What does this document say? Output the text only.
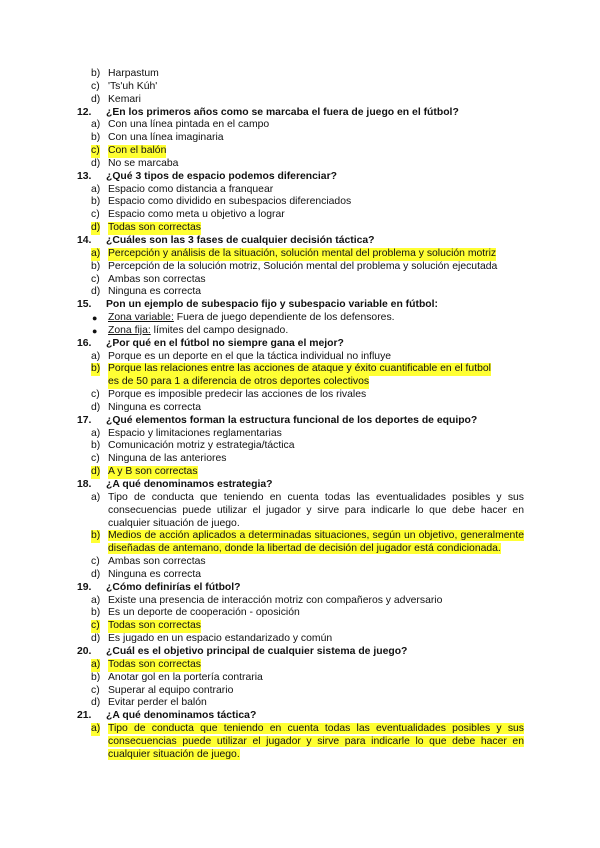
b) Harpastum
c) 'Ts'uh Kúh'
d) Kemari
12. ¿En los primeros años como se marcaba el fuera de juego en el fútbol?
a) Con una línea pintada en el campo
b) Con una línea imaginaria
c) Con el balón
d) No se marcaba
13. ¿Qué 3 tipos de espacio podemos diferenciar?
a) Espacio como distancia a franquear
b) Espacio como dividido en subespacios diferenciados
c) Espacio como meta u objetivo a lograr
d) Todas son correctas
14. ¿Cuáles son las 3 fases de cualquier decisión táctica?
a) Percepción y análisis de la situación, solución mental del problema y solución motriz
b) Percepción de la solución motriz, Solución mental del problema y solución ejecutada
c) Ambas son correctas
d) Ninguna es correcta
15. Pon un ejemplo de subespacio fijo y subespacio variable en fútbol:
● Zona variable: Fuera de juego dependiente de los defensores.
● Zona fija: límites del campo designado.
16. ¿Por qué en el fútbol no siempre gana el mejor?
a) Porque es un deporte en el que la táctica individual no influye
b) Porque las relaciones entre las acciones de ataque y éxito cuantificable en el futbol
es de 50 para 1 a diferencia de otros deportes colectivos
c) Porque es imposible predecir las acciones de los rivales
d) Ninguna es correcta
17. ¿Qué elementos forman la estructura funcional de los deportes de equipo?
a) Espacio y limitaciones reglamentarias
b) Comunicación motriz y estrategia/táctica
c) Ninguna de las anteriores
d) A y B son correctas
18. ¿A qué denominamos estrategia?
a) Tipo de conducta que teniendo en cuenta todas las eventualidades posibles y sus consecuencias puede utilizar el jugador y sirve para indicarle lo que debe hacer en cualquier situación de juego.
b) Medios de acción aplicados a determinadas situaciones, según un objetivo, generalmente diseñadas de antemano, donde la libertad de decisión del jugador está condicionada.
c) Ambas son correctas
d) Ninguna es correcta
19. ¿Cómo definirías el fútbol?
a) Existe una presencia de interacción motriz con compañeros y adversario
b) Es un deporte de cooperación - oposición
c) Todas son correctas
d) Es jugado en un espacio estandarizado y común
20. ¿Cuál es el objetivo principal de cualquier sistema de juego?
a) Todas son correctas
b) Anotar gol en la portería contraria
c) Superar al equipo contrario
d) Evitar perder el balón
21. ¿A qué denominamos táctica?
a) Tipo de conducta que teniendo en cuenta todas las eventualidades posibles y sus consecuencias puede utilizar el jugador y sirve para indicarle lo que debe hacer en cualquier situación de juego.
